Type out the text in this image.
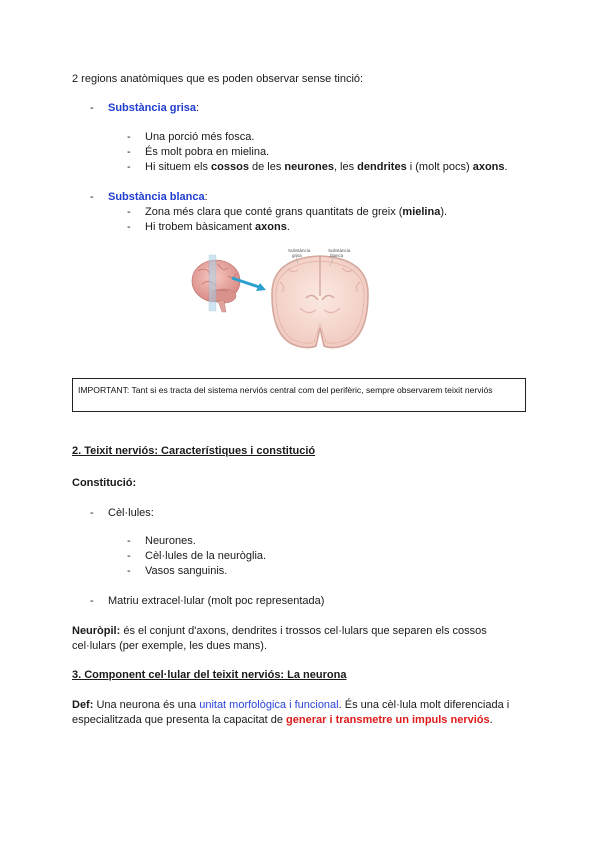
2 regions anatòmiques que es poden observar sense tinció:
- Substància grisa:
- Una porció més fosca.
- És molt pobra en mielina.
- Hi situem els cossos de les neurones, les dendrites i (molt pocs) axons.
- Substància blanca:
- Zona més clara que conté grans quantitats de greix (mielina).
- Hi trobem bàsicament axons.
Substància
grisa
Substància
blanca
IMPORTANT: Tant si es tracta del sistema nerviós central com del perifèric, sempre observarem teixit nerviós
2. Teixit nerviós: Característiques i constitució
Constitució:
- Cèl·lules:
- Neurones.
- Cèl·lules de la neuròglia.
- Vasos sanguinis.
- Matriu extracel·lular (molt poc representada)
Neuròpil: és el conjunt d'axons, dendrites i trossos cel·lulars que separen els cossos
cel·lulars (per exemple, les dues mans).
3. Component cel·lular del teixit nerviós: La neurona
Def: Una neurona és una unitat morfològica i funcional. És una cèl·lula molt diferenciada i
especialitzada que presenta la capacitat de generar i transmetre un impuls nerviós.
